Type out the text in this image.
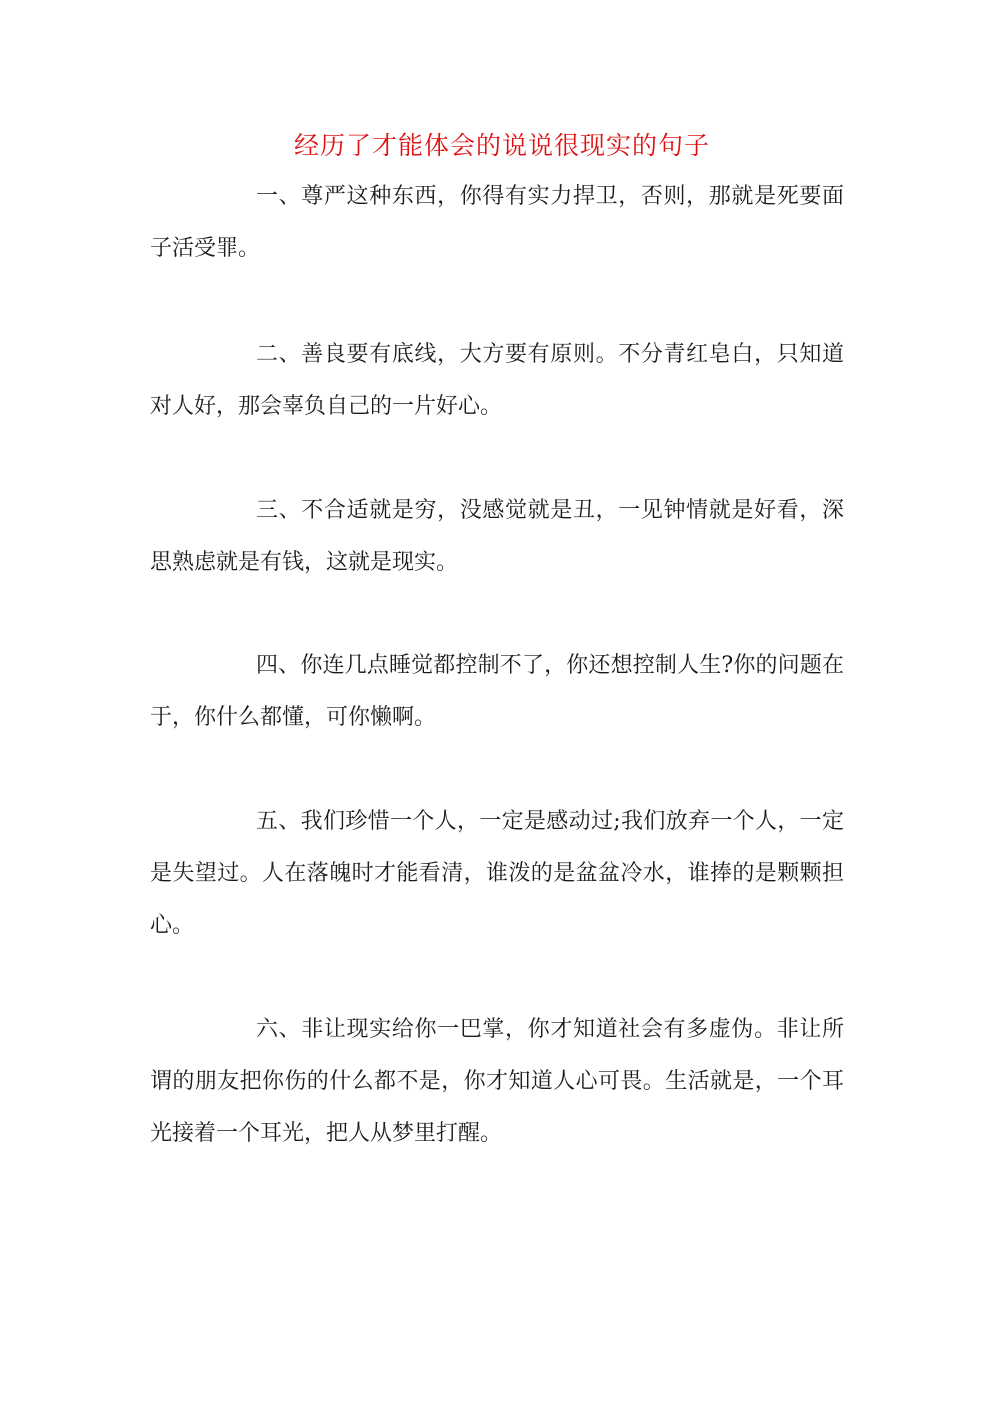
经历了才能体会的说说很现实的句子

一、尊严这种东西，你得有实力捍卫，否则，那就是死要面子活受罪。

二、善良要有底线，大方要有原则。不分青红皂白，只知道对人好，那会辜负自己的一片好心。

三、不合适就是穷，没感觉就是丑，一见钟情就是好看，深思熟虑就是有钱，这就是现实。

四、你连几点睡觉都控制不了，你还想控制人生?你的问题在于，你什么都懂，可你懒啊。

五、我们珍惜一个人，一定是感动过;我们放弃一个人，一定是失望过。人在落魄时才能看清，谁泼的是盆盆冷水，谁捧的是颗颗担心。

六、非让现实给你一巴掌，你才知道社会有多虚伪。非让所谓的朋友把你伤的什么都不是，你才知道人心可畏。生活就是，一个耳光接着一个耳光，把人从梦里打醒。
